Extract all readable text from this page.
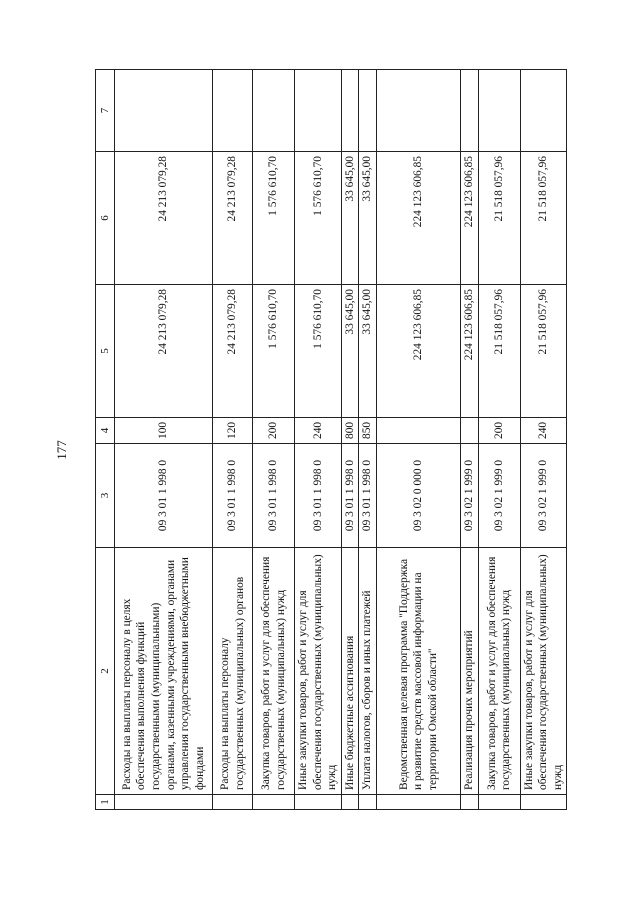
177
1	2	3	4	5	6	7
	Расходы на выплаты персоналу в целях обеспечения выполнения функций государственными (муниципальными) органами, казенными учреждениями, органами управления государственными внебюджетными фондами	09 3 01 1 998 0	100	24 213 079,28	24 213 079,28	
	Расходы на выплаты персоналу государственных (муниципальных) органов	09 3 01 1 998 0	120	24 213 079,28	24 213 079,28	
	Закупка товаров, работ и услуг для обеспечения государственных (муниципальных) нужд	09 3 01 1 998 0	200	1 576 610,70	1 576 610,70	
	Иные закупки товаров, работ и услуг для обеспечения государственных (муниципальных) нужд	09 3 01 1 998 0	240	1 576 610,70	1 576 610,70	
	Иные бюджетные ассигнования	09 3 01 1 998 0	800	33 645,00	33 645,00	
	Уплата налогов, сборов и иных платежей	09 3 01 1 998 0	850	33 645,00	33 645,00	
	Ведомственная целевая программа "Поддержка и развитие средств массовой информации на территории Омской области"	09 3 02 0 000 0		224 123 606,85	224 123 606,85	
	Реализация прочих мероприятий	09 3 02 1 999 0		224 123 606,85	224 123 606,85	
	Закупка товаров, работ и услуг для обеспечения государственных (муниципальных) нужд	09 3 02 1 999 0	200	21 518 057,96	21 518 057,96	
	Иные закупки товаров, работ и услуг для обеспечения государственных (муниципальных) нужд	09 3 02 1 999 0	240	21 518 057,96	21 518 057,96	
